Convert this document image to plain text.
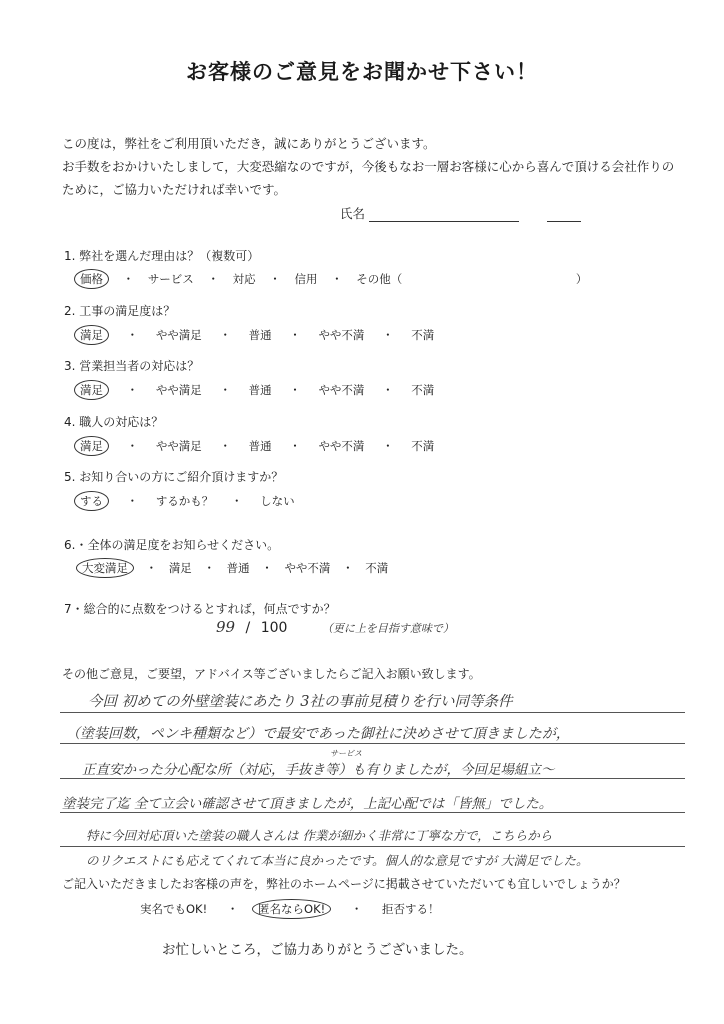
お客様のご意見をお聞かせ下さい！
この度は，弊社をご利用頂いただき，誠にありがとうございます。
お手数をおかけいたしまして，大変恐縮なのですが，今後もなお一層お客様に心から喜んで頂ける会社作りの
ために，ご協力いただければ幸いです。
氏名
1. 弊社を選んだ理由は？（複数可）
価格 ・ サービス ・ 対応 ・ 信用 ・ その他（	）
2. 工事の満足度は？
満足 ・ やや満足 ・ 普通 ・ やや不満 ・ 不満
3. 営業担当者の対応は？
満足 ・ やや満足 ・ 普通 ・ やや不満 ・ 不満
4. 職人の対応は？
満足 ・ やや満足 ・ 普通 ・ やや不満 ・ 不満
5. お知り合いの方にご紹介頂けますか？
する ・ するかも？ ・ しない
6.・全体の満足度をお知らせください。
大変満足 ・ 満足 ・ 普通 ・ やや不満 ・ 不満
7・総合的に点数をつけるとすれば，何点ですか？
99 / 100	（更に上を目指す意味で）
その他ご意見，ご要望，アドバイス等ございましたらご記入お願い致します。
サービス
今回 初めての外壁塗装にあたり 3社の事前見積りを行い同等条件
（塗装回数，ペンキ種類など）で最安であった御社に決めさせて頂きましたが，
正直安かった分心配な所（対応，手抜き等）も有りましたが，今回足場組立～
塗装完了迄 全て立会い確認させて頂きましたが，上記心配では「皆無」でした。
特に今回対応頂いた塗装の職人さんは 作業が細かく非常に丁寧な方で，こちらから
のリクエストにも応えてくれて本当に良かったです。個人的な意見ですが 大満足でした。
ご記入いただきましたお客様の声を，弊社のホームページに掲載させていただいても宜しいでしょうか？
実名でもOK! ・ 匿名ならOK! ・ 拒否する！
お忙しいところ，ご協力ありがとうございました。
